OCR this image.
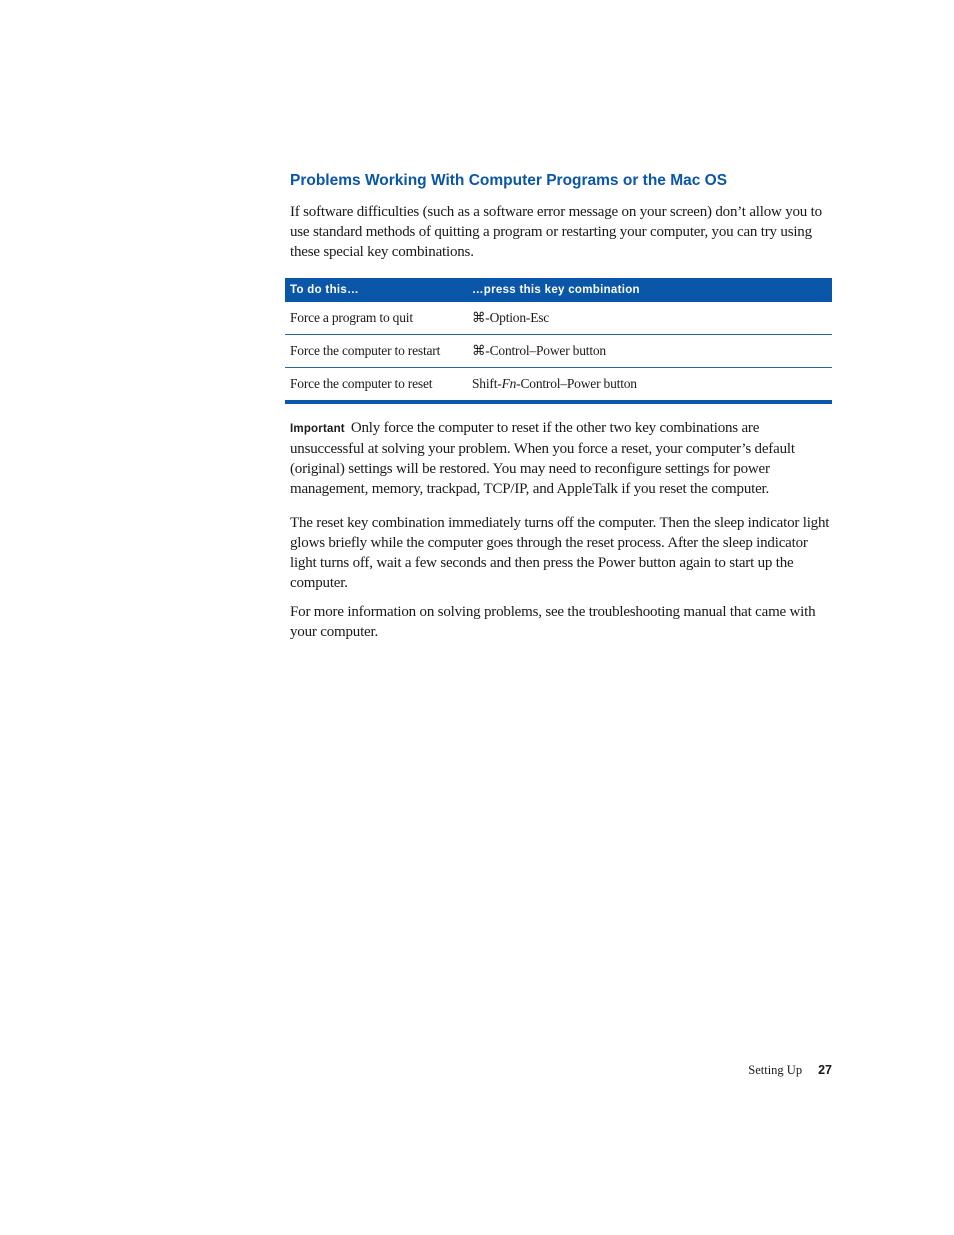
Problems Working With Computer Programs or the Mac OS

If software difficulties (such as a software error message on your screen) don’t allow you to use standard methods of quitting a program or restarting your computer, you can try using these special key combinations.

To do this…	…press this key combination
Force a program to quit	⌘-Option-Esc
Force the computer to restart	⌘-Control–Power button
Force the computer to reset	Shift-Fn-Control–Power button

Important Only force the computer to reset if the other two key combinations are unsuccessful at solving your problem. When you force a reset, your computer’s default (original) settings will be restored. You may need to reconfigure settings for power management, memory, trackpad, TCP/IP, and AppleTalk if you reset the computer.

The reset key combination immediately turns off the computer. Then the sleep indicator light glows briefly while the computer goes through the reset process. After the sleep indicator light turns off, wait a few seconds and then press the Power button again to start up the computer.

For more information on solving problems, see the troubleshooting manual that came with your computer.

Setting Up 27
